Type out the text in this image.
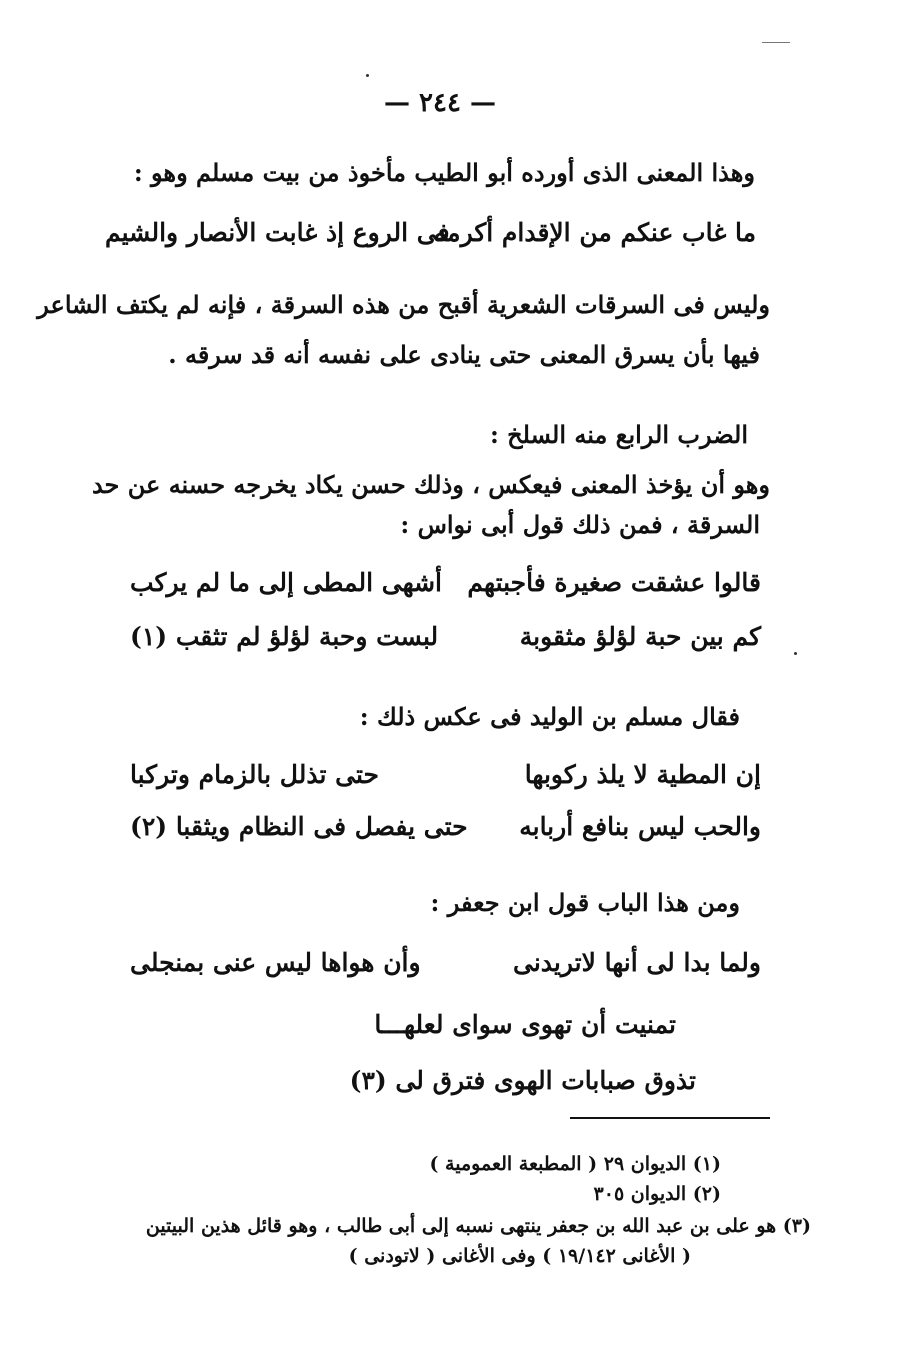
— ٢٤٤ —
وهذا المعنى الذى أورده أبو الطيب مأخوذ من بيت مسلم وهو :
ما غاب عنكم من الإقدام أكرمه
فى الروع إذ غابت الأنصار والشيم
وليس فى السرقات الشعرية أقبح من هذه السرقة ، فإنه لم يكتف الشاعر
فيها بأن يسرق المعنى حتى ينادى على نفسه أنه قد سرقه .
الضرب الرابع منه السلخ :
وهو أن يؤخذ المعنى فيعكس ، وذلك حسن يكاد يخرجه حسنه عن حد
السرقة ، فمن ذلك قول أبى نواس :
قالوا عشقت صغيرة فأجبتهم
أشهى المطى إلى ما لم يركب
كم بين حبة لؤلؤ مثقوبة
لبست وحبة لؤلؤ لم تثقب (١)
فقال مسلم بن الوليد فى عكس ذلك :
إن المطية لا يلذ ركوبها
حتى تذلل بالزمام وتركبا
والحب ليس بنافع أربابه
حتى يفصل فى النظام ويثقبا (٢)
ومن هذا الباب قول ابن جعفر :
ولما بدا لى أنها لاتريدنى
وأن هواها ليس عنى بمنجلى
تمنيت أن تهوى سواى لعلهـــا
تذوق صبابات الهوى فترق لى (٣)
(١) الديوان ٢٩ ( المطبعة العمومية )
(٢) الديوان ٣٠٥
(٣) هو على بن عبد الله بن جعفر ينتهى نسبه إلى أبى طالب ، وهو قائل هذين البيتين
( الأغانى ١٩/١٤٢ ) وفى الأغانى ( لاتودنى )
